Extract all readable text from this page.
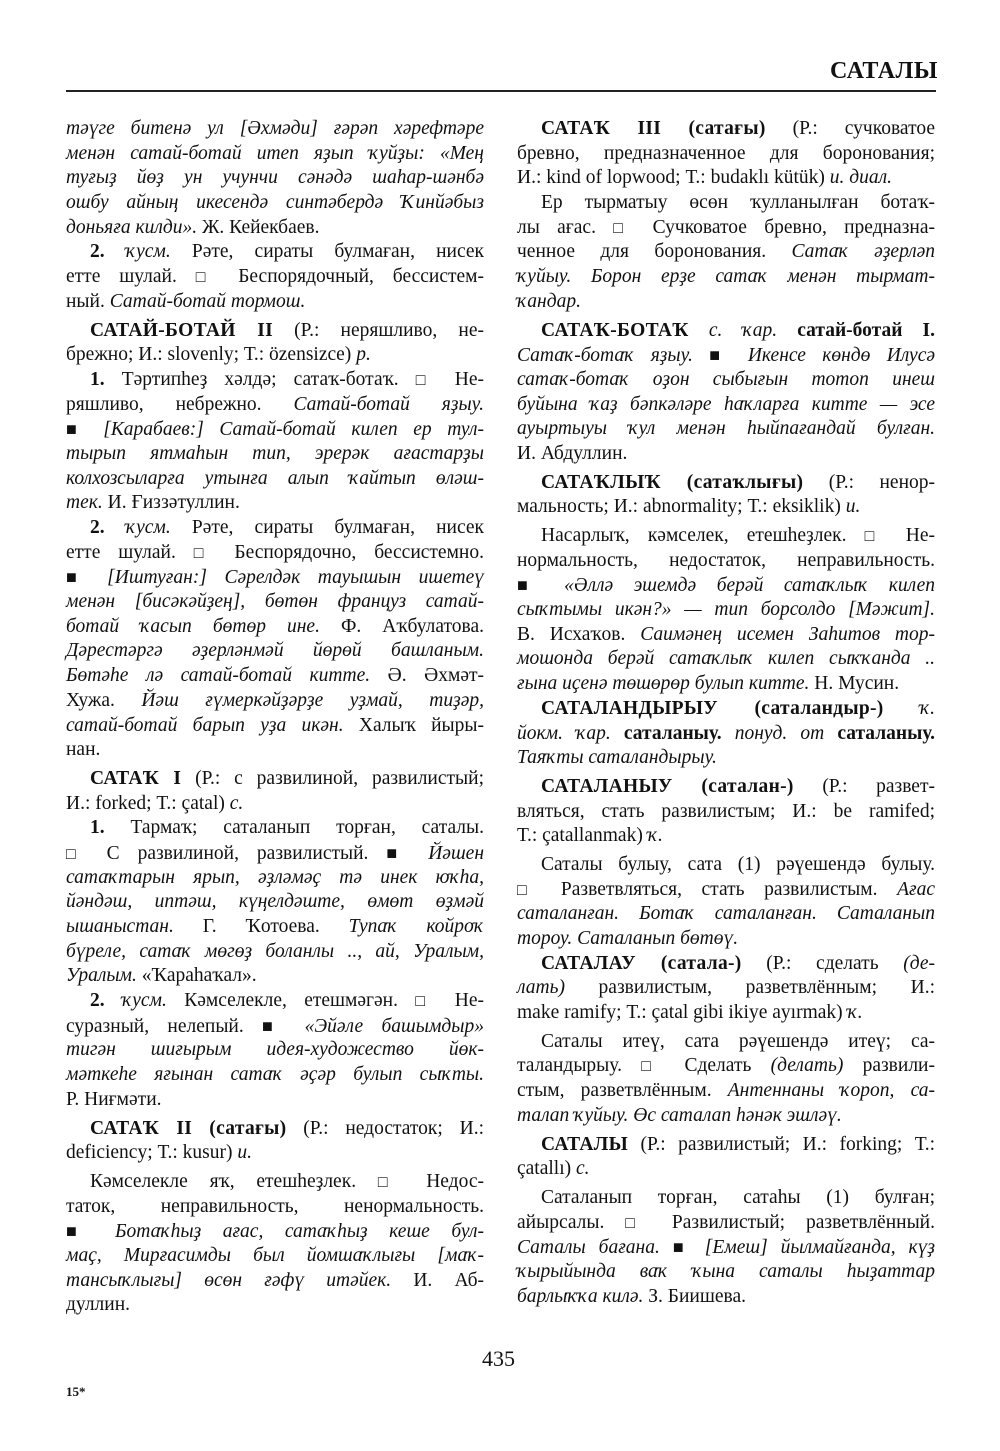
САТАЛЫ
тәүге битенә ул [Әхмәди] ғәрәп хәрефтәре
менән сатай-ботай итеп яҙып ҡуйҙы: «Мең
туғыҙ йөҙ ун учунчи сәнәдә шаһар-шәнбә
ошбу айның икесендә синтәбердә Ҡинйәбыз
доньяға килди». Ж. Кейекбаев.
2. ҡусм. Рәте, сираты булмаған, нисек
етте шулай. □ Беспорядочный, бессистем-
ный. Сатай-ботай тормош.
САТАЙ-БОТАЙ II (Р.: неряшливо, не-
брежно; И.: slovenly; Т.: özensizce) р.
1. Тәртипһеҙ хәлдә; сатаҡ-ботаҡ. □ Не-
ряшливо, небрежно. Сатай-ботай яҙыу.
■ [Карабаев:] Сатай-ботай килеп ер тул-
тырып ятмаһын тип, эрерәк ағастарҙы
колхозсыларға утынға алып ҡайтып өләш-
тек. И. Ғиззәтуллин.
2. ҡусм. Рәте, сираты булмаған, нисек
етте шулай. □ Беспорядочно, бессистемно.
■ [Иштуған:] Сәрелдәк тауышын ишетеү
менән [бисәкәйҙең], бөтөн француз сатай-
ботай ҡасып бөтөр ине. Ф. Аҡбулатова.
Дәрестәргә әҙерләнмәй йөрөй башланым.
Бөтәһе лә сатай-ботай китте. Ә. Әхмәт-
Хужа. Йәш ғүмеркәйҙәрҙе уҙмай, тиҙәр,
сатай-ботай барып уҙа икән. Халыҡ йыры-
нан.
САТАҠ I (Р.: с развилиной, развилистый;
И.: forked; Т.: çatal) с.
1. Тармаҡ; саталанып торған, саталы.
□ С развилиной, развилистый. ■ Йәшен
сатаҡтарын ярып, әҙләмәҫ тә инек юҡһа,
йәндәш, иптәш, күңелдәште, өмөт өҙмәй
ышаныстан. Г. Ҡотоева. Тупаҡ койроҡ
бүреле, сатаҡ мөгөҙ боланлы .., ай, Уралым,
Уралым. «Ҡараһаҡал».
2. ҡусм. Кәмселекле, етешмәгән. □ Не-
суразный, нелепый. ■ «Эйәле башымдыр»
тигән шиғырым идея-художество йөк-
мәткеһе яғынан сатаҡ әҫәр булып сыҡты.
Р. Ниғмәти.
САТАҠ II (сатағы) (Р.: недостаток; И.:
deficiency; Т.: kusur) и.
Кәмселекле яҡ, етешһеҙлек. □ Недос-
таток, неправильность, ненормальность.
■ Ботаҡһыҙ ағас, сатаҡһыҙ кеше бул-
маҫ, Мирғасимды был йомшаҡлығы [маҡ-
тансыҡлығы] өсөн ғәфү итәйек. И. Аб-
дуллин.
САТАҠ III (сатағы) (Р.: сучковатое
бревно, предназначенное для боронования;
И.: kind of lopwood; Т.: budaklı kütük) и. диал.
Ер тырматыу өсөн ҡулланылған ботаҡ-
лы ағас. □ Сучковатое бревно, предназна-
ченное для боронования. Сатаҡ әҙерләп
ҡуйыу. Борон ерҙе сатаҡ менән тырмат-
ҡандар.
САТАҠ-БОТАҠ с. ҡар. сатай-ботай I.
Сатаҡ-ботаҡ яҙыу. ■ Икенсе көндө Илусә
сатаҡ-ботаҡ оҙон сыбығын тотоп инеш
буйына ҡаҙ бәпкәләре һаҡларға китте — эсе
ауыртыуы ҡул менән һыйпағандай булған.
И. Абдуллин.
САТАҠЛЫҠ (сатаҡлығы) (Р.: ненор-
мальность; И.: abnormality; Т.: eksiklik) и.
Насарлыҡ, кәмселек, етешһеҙлек. □ Не-
нормальность, недостаток, неправильность.
■ «Әллә эшемдә берәй сатаҡлыҡ килеп
сыҡтымы икән?» — тип борсолдо [Мәжит].
В. Исхаҡов. Саимәнең исемен Заһитов тор-
мошонда берәй сатаҡлыҡ килеп сыҡҡанда ..
ғына иҫенә төшөрөр булып китте. Н. Мусин.
САТАЛАНДЫРЫУ (саталандыр-) ҡ.
йокм. ҡар. саталаныу. понуд. от саталаныу.
Таяҡты саталандырыу.
САТАЛАНЫУ (саталан-) (Р.: развет-
вляться, стать развилистым; И.: be ramifed;
Т.: çatallanmak) ҡ.
Саталы булыу, сата (1) рәүешендә булыу.
□ Разветвляться, стать развилистым. Ағас
саталанған. Ботаҡ саталанған. Саталанып
тороу. Саталанып бөтөү.
САТАЛАУ (сатала-) (Р.: сделать (де-
лать) развилистым, разветвлённым; И.:
make ramify; Т.: çatal gibi ikiye ayırmak) ҡ.
Саталы итеү, сата рәүешендә итеү; са-
таландырыу. □ Сделать (делать) развили-
стым, разветвлённым. Антеннаны ҡороп, са-
талап ҡуйыу. Өс саталап һәнәк эшләү.
САТАЛЫ (Р.: развилистый; И.: forking; Т.:
çatallı) с.
Саталанып торған, сатаһы (1) булған;
айырсалы. □ Развилистый; разветвлённый.
Саталы бағана. ■ [Емеш] йылмайғанда, күҙ
ҡырыйында ваҡ ҡына саталы һыҙаттар
барлыҡҡа килә. З. Биишева.
15*
435
